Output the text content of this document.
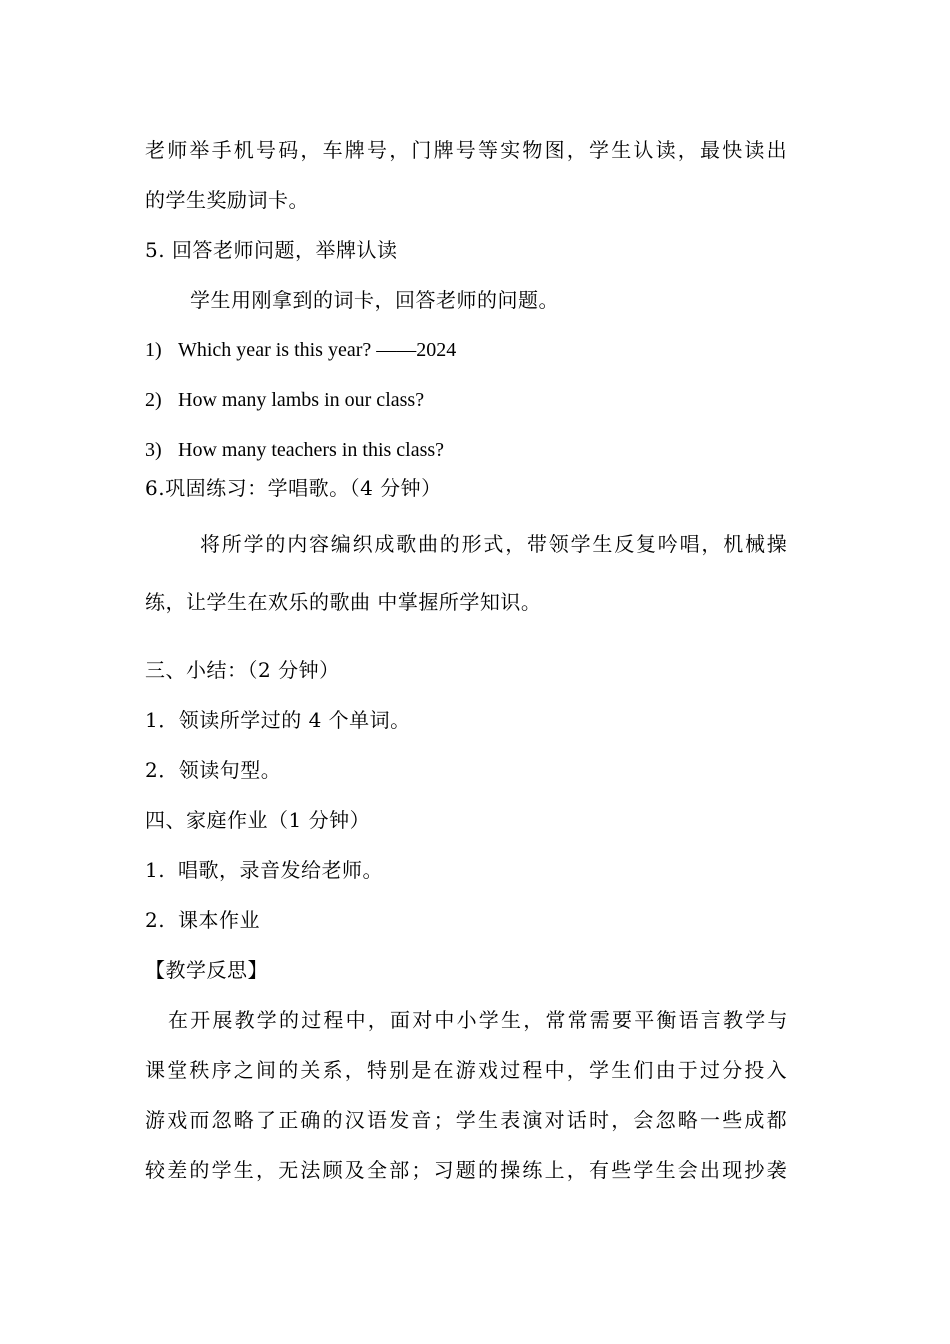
老师举手机号码，车牌号，门牌号等实物图，学生认读，最快读出
的学生奖励词卡。
5. 回答老师问题，举牌认读
学生用刚拿到的词卡，回答老师的问题。
1) Which year is this year? ——2024
2) How many lambs in our class?
3) How many teachers in this class?
6.巩固练习：学唱歌。（4 分钟）
将所学的内容编织成歌曲的形式，带领学生反复吟唱，机械操
练，让学生在欢乐的歌曲 中掌握所学知识。
三、小结：（2 分钟）
1．领读所学过的 4 个单词。
2．领读句型。
四、家庭作业（1 分钟）
1. 唱歌，录音发给老师。
2. 课本作业
【教学反思】
在开展教学的过程中，面对中小学生，常常需要平衡语言教学与
课堂秩序之间的关系，特别是在游戏过程中，学生们由于过分投入
游戏而忽略了正确的汉语发音；学生表演对话时，会忽略一些成都
较差的学生，无法顾及全部；习题的操练上，有些学生会出现抄袭
